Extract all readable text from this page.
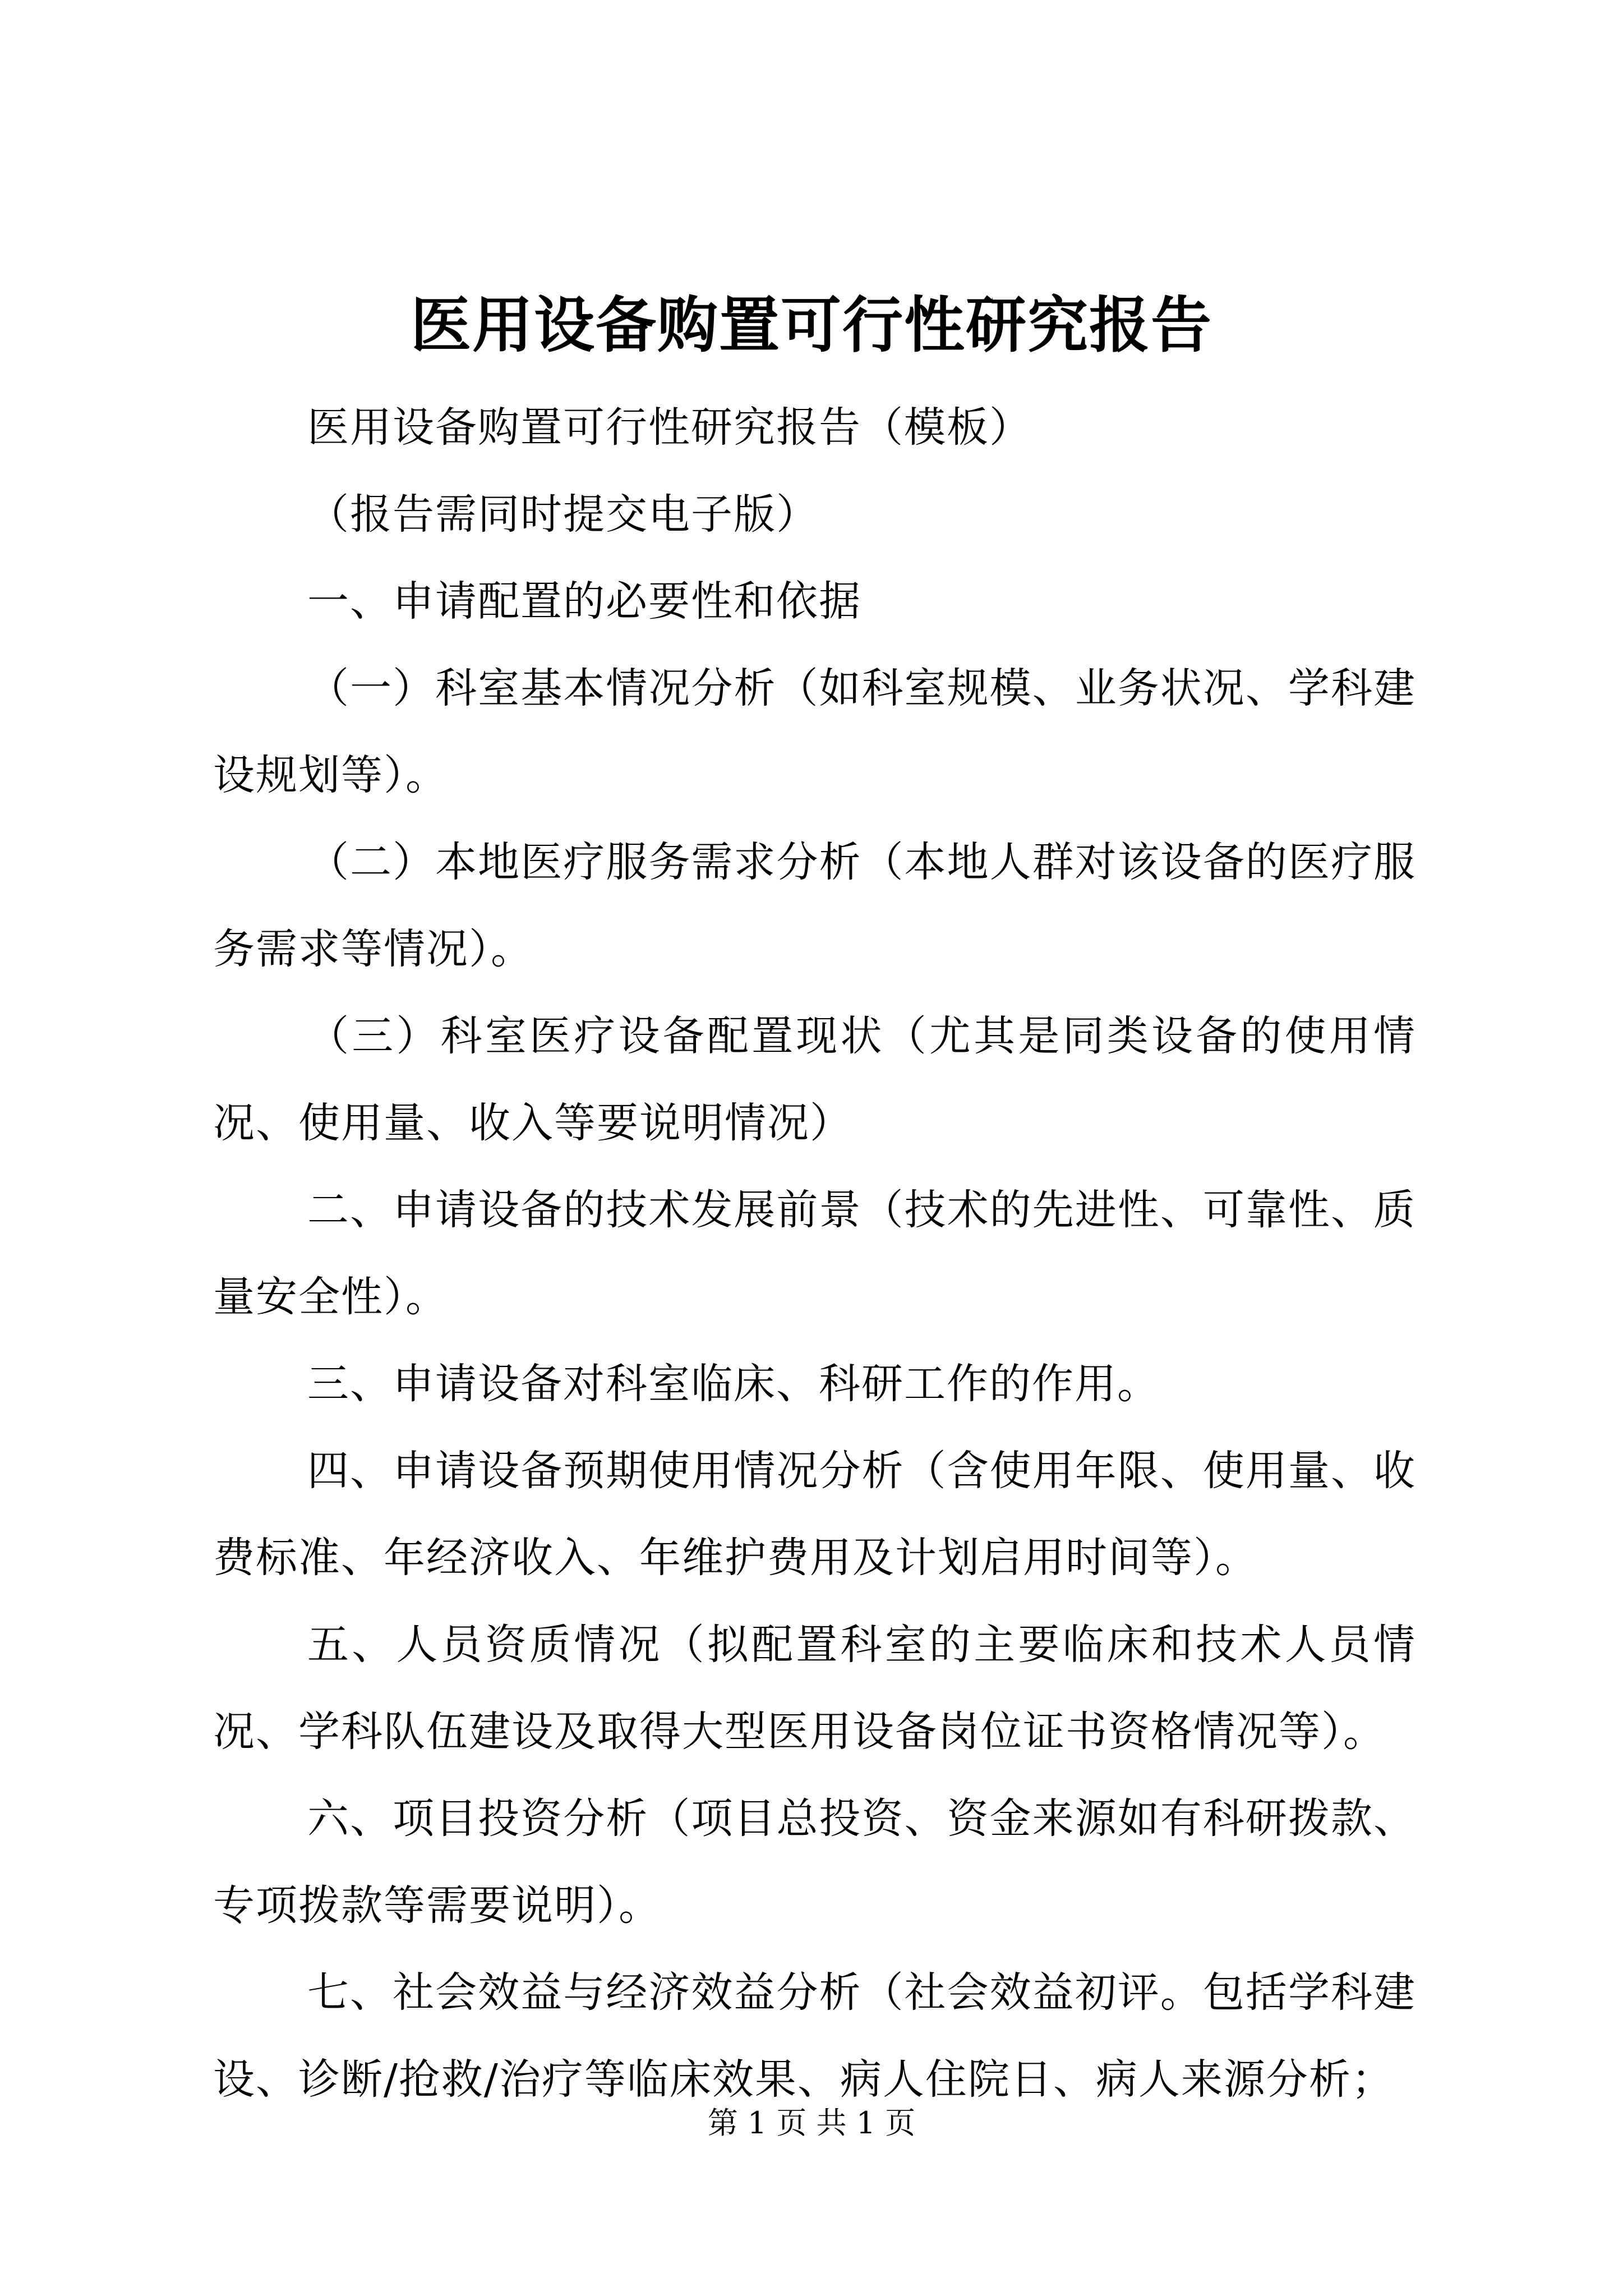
医用设备购置可行性研究报告

医用设备购置可行性研究报告（模板）

（报告需同时提交电子版）

一、申请配置的必要性和依据

（一）科室基本情况分析（如科室规模、业务状况、学科建设规划等）。

（二）本地医疗服务需求分析（本地人群对该设备的医疗服务需求等情况）。

（三）科室医疗设备配置现状（尤其是同类设备的使用情况、使用量、收入等要说明情况）

二、申请设备的技术发展前景（技术的先进性、可靠性、质量安全性）。

三、申请设备对科室临床、科研工作的作用。

四、申请设备预期使用情况分析（含使用年限、使用量、收费标准、年经济收入、年维护费用及计划启用时间等）。

五、人员资质情况（拟配置科室的主要临床和技术人员情况、学科队伍建设及取得大型医用设备岗位证书资格情况等）。

六、项目投资分析（项目总投资、资金来源如有科研拨款、专项拨款等需要说明）。

七、社会效益与经济效益分析（社会效益初评。包括学科建设、诊断/抢救/治疗等临床效果、病人住院日、病人来源分析；

第 1 页 共 1 页
